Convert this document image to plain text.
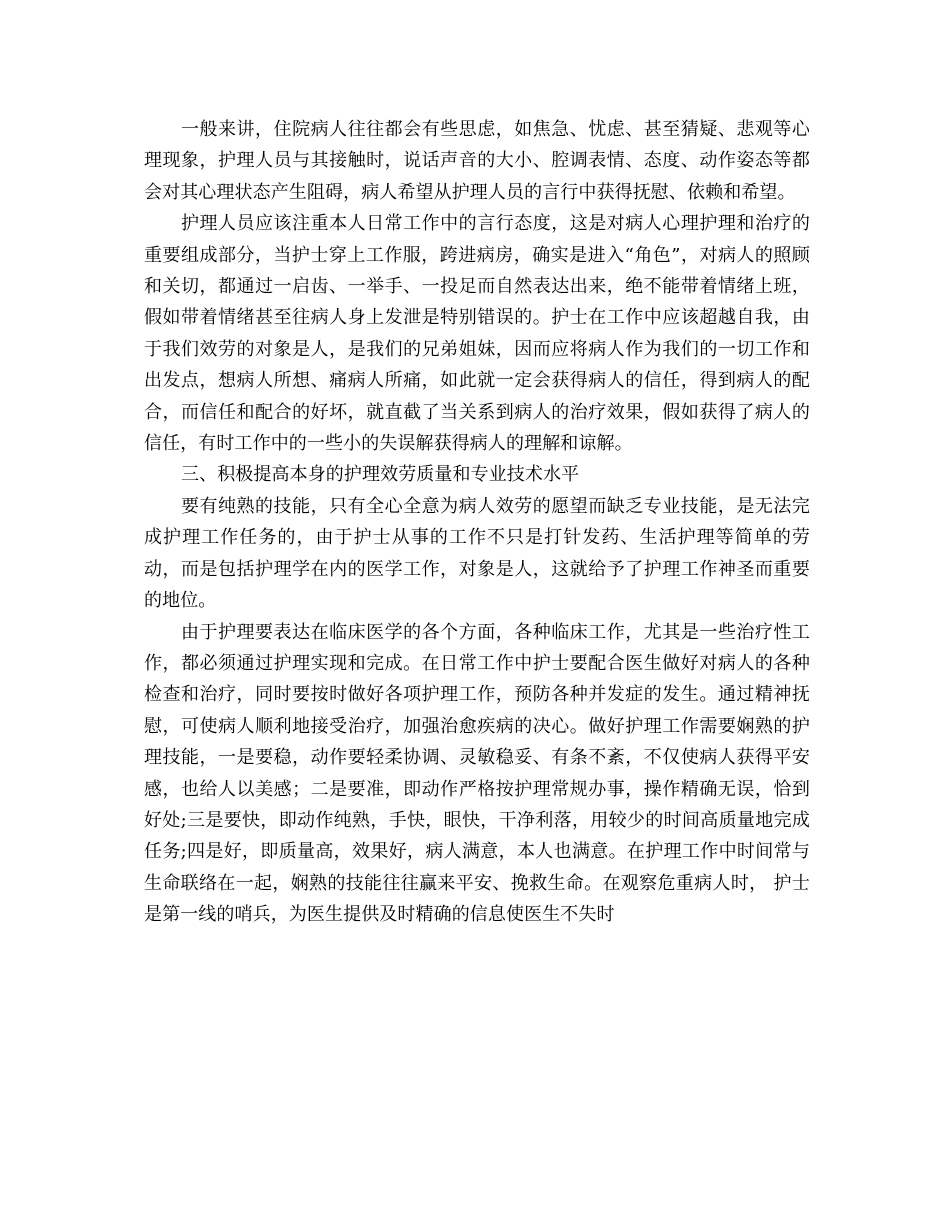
一般来讲，住院病人往往都会有些思虑，如焦急、忧虑、甚至猜疑、悲观等心理现象，护理人员与其接触时，说话声音的大小、腔调表情、态度、动作姿态等都会对其心理状态产生阻碍，病人希望从护理人员的言行中获得抚慰、依赖和希望。

护理人员应该注重本人日常工作中的言行态度，这是对病人心理护理和治疗的重要组成部分，当护士穿上工作服，跨进病房，确实是进入“角色”，对病人的照顾和关切，都通过一启齿、一举手、一投足而自然表达出来，绝不能带着情绪上班，假如带着情绪甚至往病人身上发泄是特别错误的。护士在工作中应该超越自我，由于我们效劳的对象是人，是我们的兄弟姐妹，因而应将病人作为我们的一切工作和出发点，想病人所想、痛病人所痛，如此就一定会获得病人的信任，得到病人的配合，而信任和配合的好坏，就直截了当关系到病人的治疗效果，假如获得了病人的信任，有时工作中的一些小的失误解获得病人的理解和谅解。

三、积极提高本身的护理效劳质量和专业技术水平

要有纯熟的技能，只有全心全意为病人效劳的愿望而缺乏专业技能，是无法完成护理工作任务的，由于护士从事的工作不只是打针发药、生活护理等简单的劳动，而是包括护理学在内的医学工作，对象是人，这就给予了护理工作神圣而重要的地位。

由于护理要表达在临床医学的各个方面，各种临床工作，尤其是一些治疗性工作，都必须通过护理实现和完成。在日常工作中护士要配合医生做好对病人的各种检查和治疗，同时要按时做好各项护理工作，预防各种并发症的发生。通过精神抚慰，可使病人顺利地接受治疗，加强治愈疾病的决心。做好护理工作需要娴熟的护理技能，一是要稳，动作要轻柔协调、灵敏稳妥、有条不紊，不仅使病人获得平安感，也给人以美感；二是要准，即动作严格按护理常规办事，操作精确无误，恰到好处;三是要快，即动作纯熟，手快，眼快，干净利落，用较少的时间高质量地完成任务;四是好，即质量高，效果好，病人满意，本人也满意。在护理工作中时间常与生命联络在一起，娴熟的技能往往赢来平安、挽救生命。在观察危重病人时， 护士是第一线的哨兵，为医生提供及时精确的信息使医生不失时
